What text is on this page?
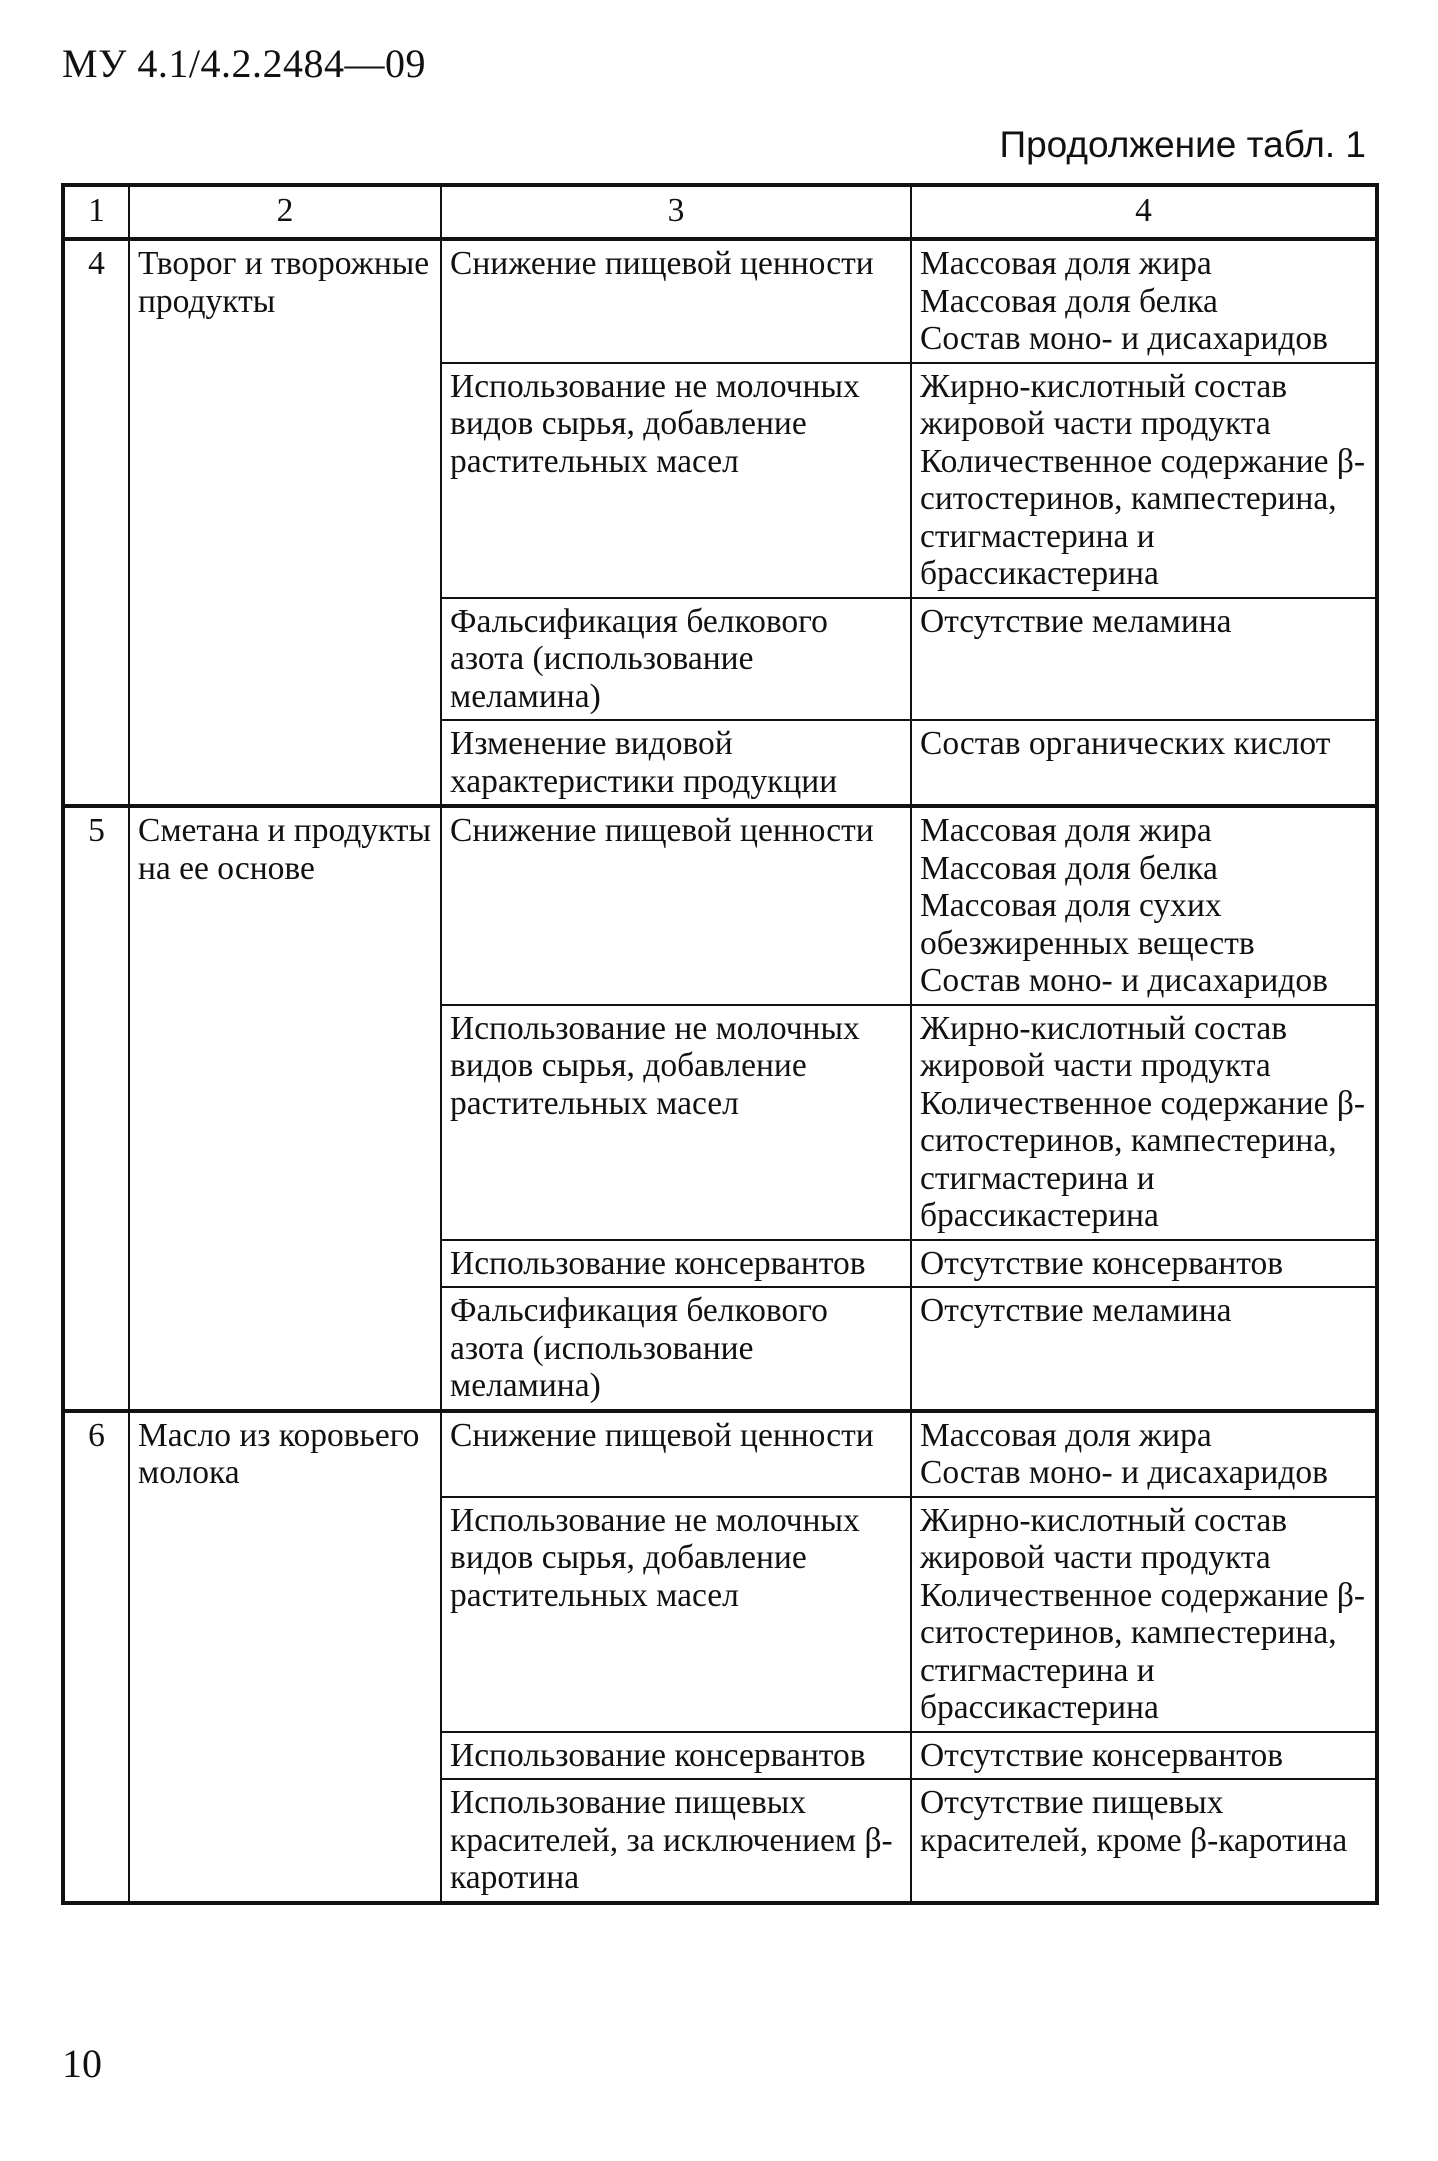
МУ 4.1/4.2.2484—09
Продолжение табл. 1
1	2	3	4
4	Творог и творожные продукты	Снижение пищевой ценности	Массовая доля жира
Массовая доля белка
Состав моно- и дисахаридов

		Использование не молочных видов сырья, добавление растительных масел	Жирно-кислотный состав жировой части продукта
Количественное содержание β-ситостеринов, кампестерина, стигмастерина и брассикастерина

		Фальсификация белкового азота (использование меламина)	Отсутствие меламина

		Изменение видовой характеристики продукции	Состав органических кислот

5	Сметана и продукты на ее основе	Снижение пищевой ценности	Массовая доля жира
Массовая доля белка
Массовая доля сухих обезжиренных веществ
Состав моно- и дисахаридов

		Использование не молочных видов сырья, добавление растительных масел	Жирно-кислотный состав жировой части продукта
Количественное содержание β-ситостеринов, кампестерина, стигмастерина и брассикастерина

		Использование консервантов	Отсутствие консервантов

		Фальсификация белкового азота (использование меламина)	Отсутствие меламина

6	Масло из коровьего молока	Снижение пищевой ценности	Массовая доля жира
Состав моно- и дисахаридов

		Использование не молочных видов сырья, добавление растительных масел	Жирно-кислотный состав жировой части продукта
Количественное содержание β-ситостеринов, кампестерина, стигмастерина и брассикастерина

		Использование консервантов	Отсутствие консервантов

		Использование пищевых красителей, за исключением β-каротина	Отсутствие пищевых красителей, кроме β-каротина
10
